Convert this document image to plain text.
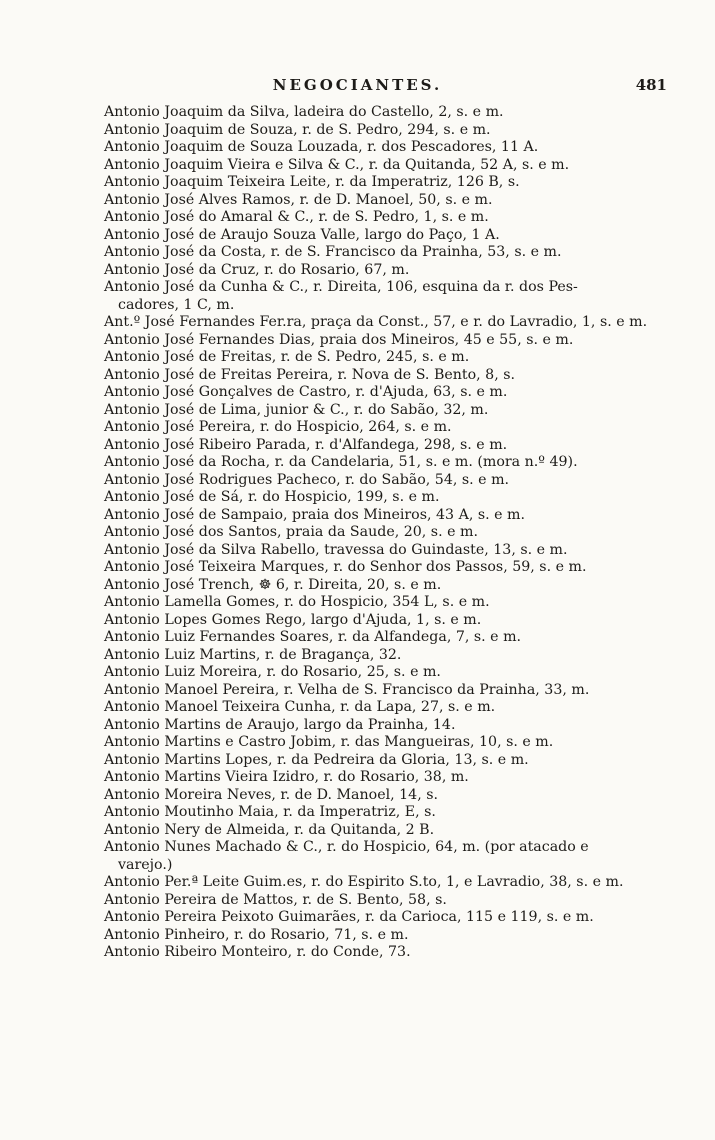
NEGOCIANTES.	481
Antonio Joaquim da Silva, ladeira do Castello, 2, s. e m.
Antonio Joaquim de Souza, r. de S. Pedro, 294, s. e m.
Antonio Joaquim de Souza Louzada, r. dos Pescadores, 11 A.
Antonio Joaquim Vieira e Silva & C., r. da Quitanda, 52 A, s. e m.
Antonio Joaquim Teixeira Leite, r. da Imperatriz, 126 B, s.
Antonio José Alves Ramos, r. de D. Manoel, 50, s. e m.
Antonio José do Amaral & C., r. de S. Pedro, 1, s. e m.
Antonio José de Araujo Souza Valle, largo do Paço, 1 A.
Antonio José da Costa, r. de S. Francisco da Prainha, 53, s. e m.
Antonio José da Cruz, r. do Rosario, 67, m.
Antonio José da Cunha & C., r. Direita, 106, esquina da r. dos Pes-
cadores, 1 C, m.
Ant.º José Fernandes Fer.ra, praça da Const., 57, e r. do Lavradio, 1, s. e m.
Antonio José Fernandes Dias, praia dos Mineiros, 45 e 55, s. e m.
Antonio José de Freitas, r. de S. Pedro, 245, s. e m.
Antonio José de Freitas Pereira, r. Nova de S. Bento, 8, s.
Antonio José Gonçalves de Castro, r. d'Ajuda, 63, s. e m.
Antonio José de Lima, junior & C., r. do Sabão, 32, m.
Antonio José Pereira, r. do Hospicio, 264, s. e m.
Antonio José Ribeiro Parada, r. d'Alfandega, 298, s. e m.
Antonio José da Rocha, r. da Candelaria, 51, s. e m. (mora n.º 49).
Antonio José Rodrigues Pacheco, r. do Sabão, 54, s. e m.
Antonio José de Sá, r. do Hospicio, 199, s. e m.
Antonio José de Sampaio, praia dos Mineiros, 43 A, s. e m.
Antonio José dos Santos, praia da Saude, 20, s. e m.
Antonio José da Silva Rabello, travessa do Guindaste, 13, s. e m.
Antonio José Teixeira Marques, r. do Senhor dos Passos, 59, s. e m.
Antonio José Trench, ☸ 6, r. Direita, 20, s. e m.
Antonio Lamella Gomes, r. do Hospicio, 354 L, s. e m.
Antonio Lopes Gomes Rego, largo d'Ajuda, 1, s. e m.
Antonio Luiz Fernandes Soares, r. da Alfandega, 7, s. e m.
Antonio Luiz Martins, r. de Bragança, 32.
Antonio Luiz Moreira, r. do Rosario, 25, s. e m.
Antonio Manoel Pereira, r. Velha de S. Francisco da Prainha, 33, m.
Antonio Manoel Teixeira Cunha, r. da Lapa, 27, s. e m.
Antonio Martins de Araujo, largo da Prainha, 14.
Antonio Martins e Castro Jobim, r. das Mangueiras, 10, s. e m.
Antonio Martins Lopes, r. da Pedreira da Gloria, 13, s. e m.
Antonio Martins Vieira Izidro, r. do Rosario, 38, m.
Antonio Moreira Neves, r. de D. Manoel, 14, s.
Antonio Moutinho Maia, r. da Imperatriz, E, s.
Antonio Nery de Almeida, r. da Quitanda, 2 B.
Antonio Nunes Machado & C., r. do Hospicio, 64, m. (por atacado e
varejo.)
Antonio Per.ª Leite Guim.es, r. do Espirito S.to, 1, e Lavradio, 38, s. e m.
Antonio Pereira de Mattos, r. de S. Bento, 58, s.
Antonio Pereira Peixoto Guimarães, r. da Carioca, 115 e 119, s. e m.
Antonio Pinheiro, r. do Rosario, 71, s. e m.
Antonio Ribeiro Monteiro, r. do Conde, 73.
